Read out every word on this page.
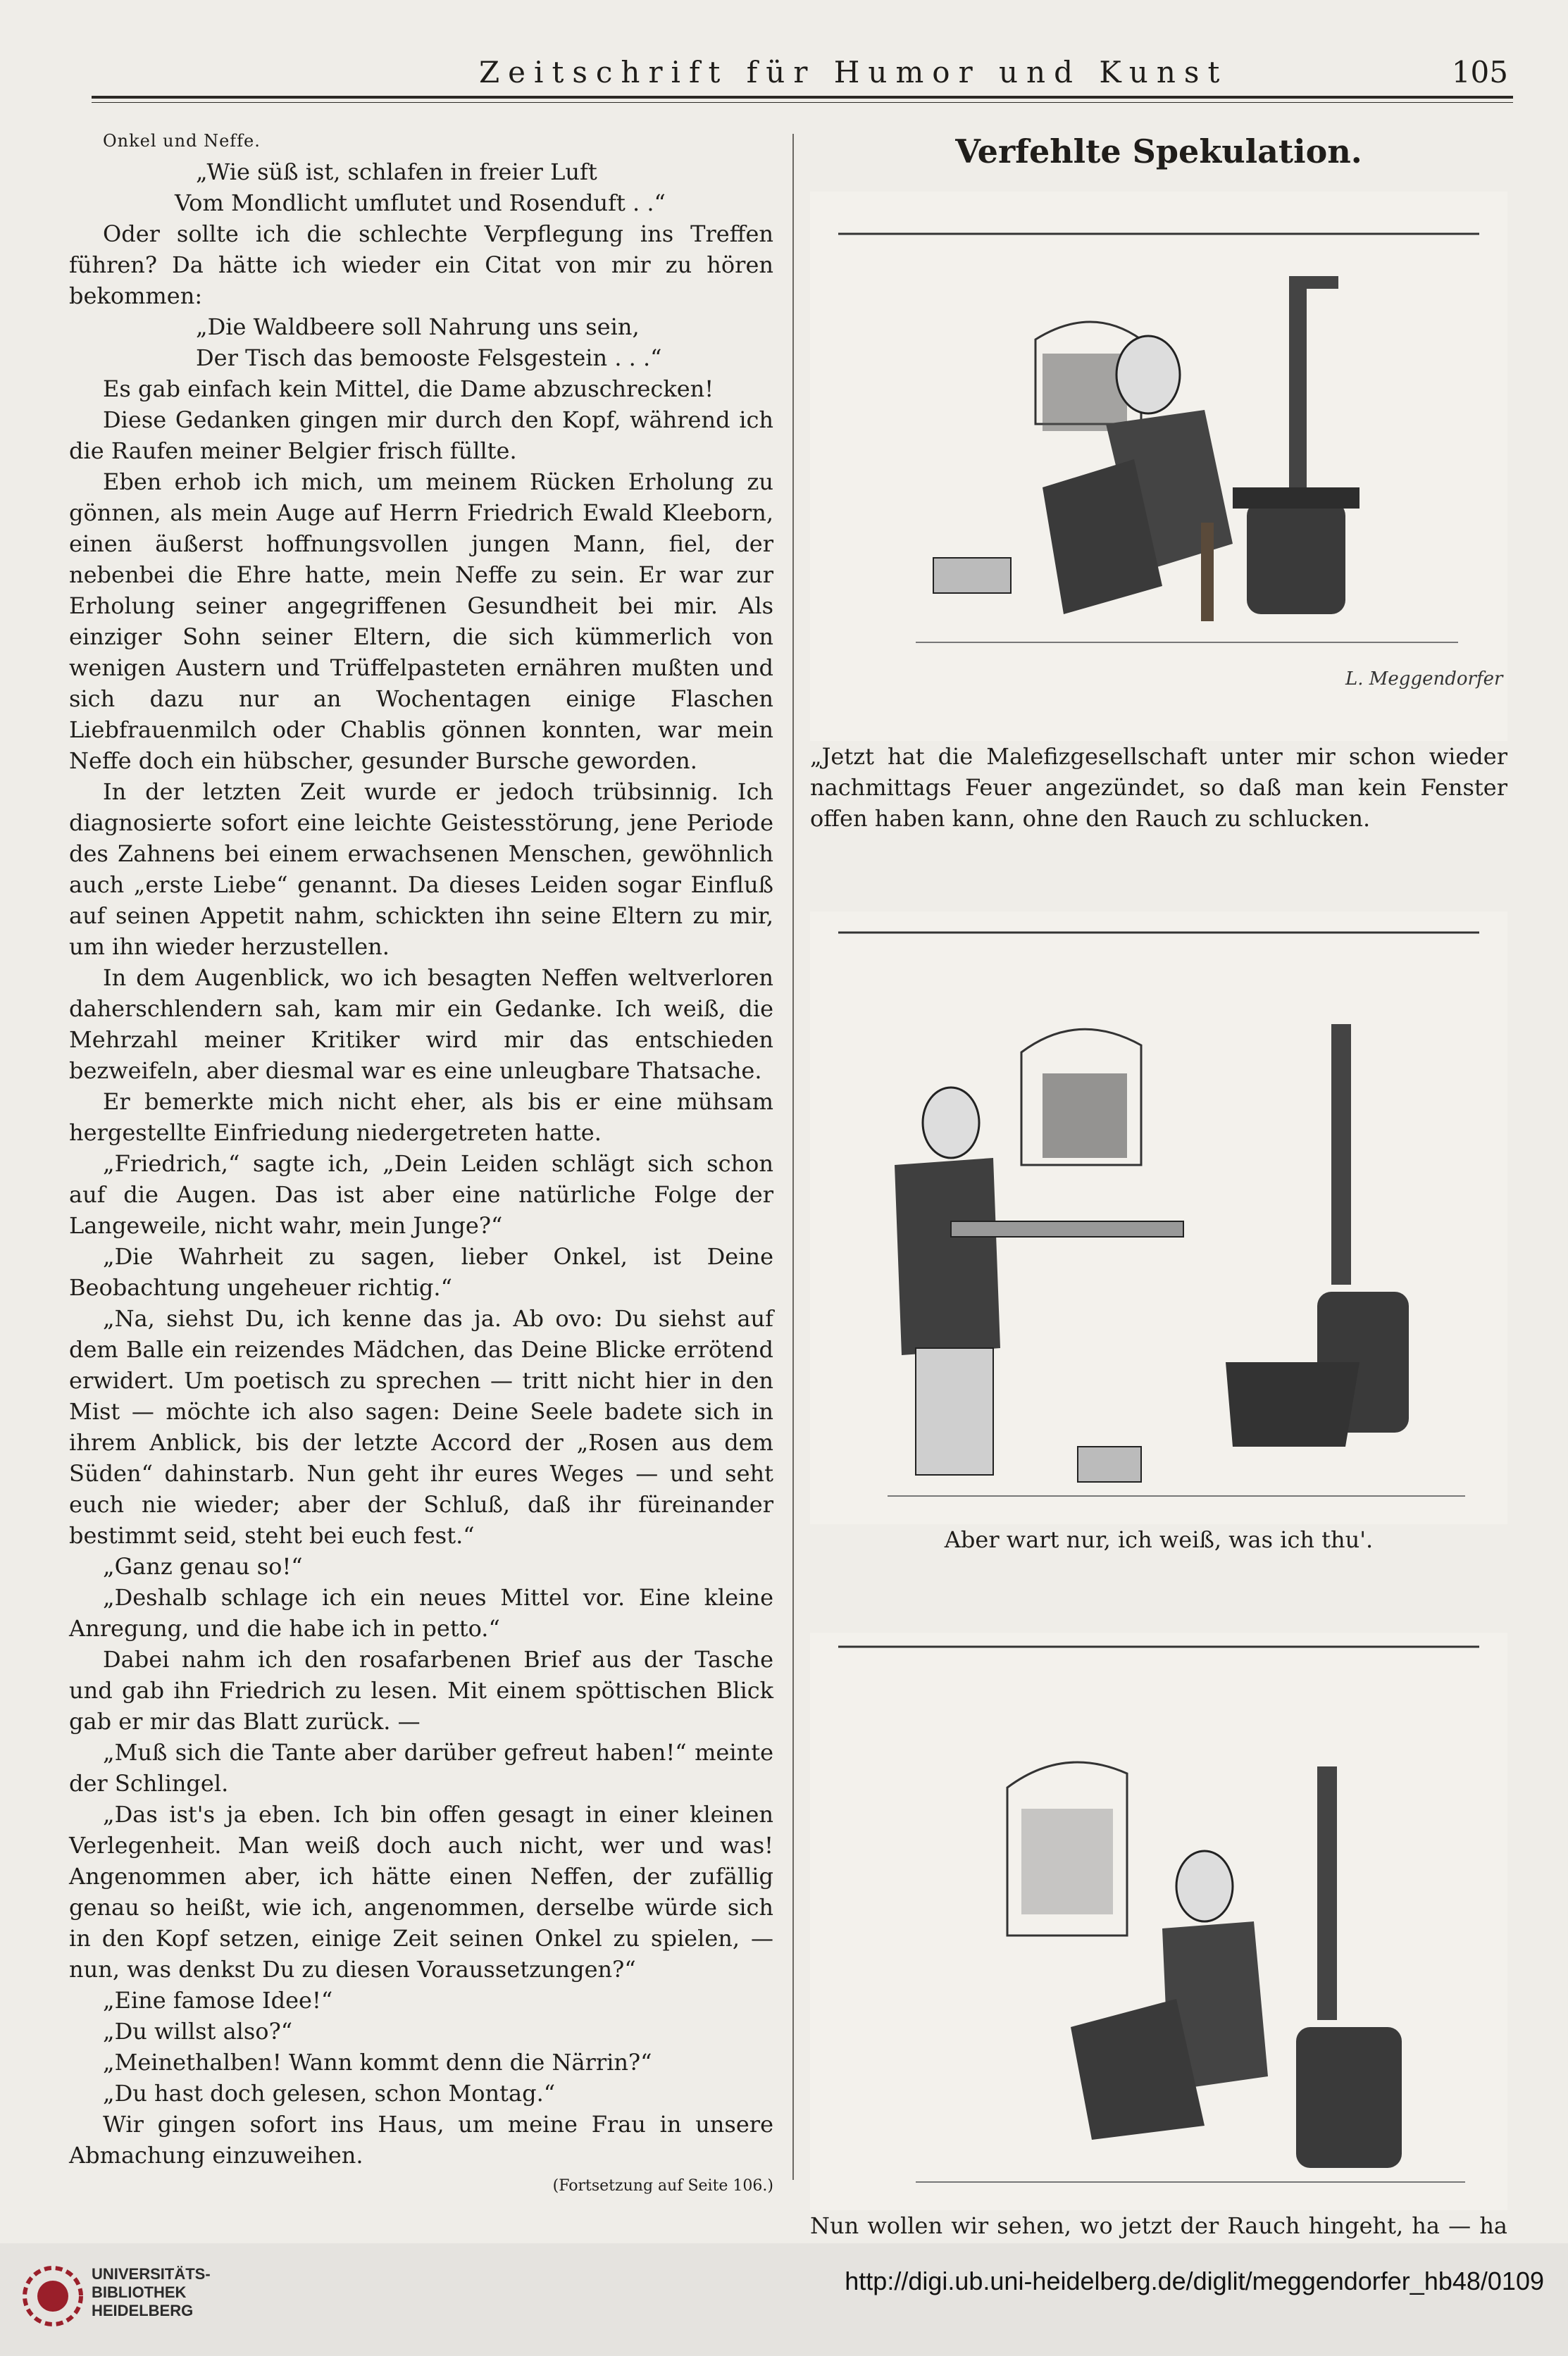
Zeitschrift für Humor und Kunst	105

Onkel und Neffe.

„Wie süß ist, schlafen in freier Luft

Vom Mondlicht umflutet und Rosenduft . .“

Oder sollte ich die schlechte Verpflegung ins Treffen führen? Da hätte ich wieder ein Citat von mir zu hören bekommen:

„Die Waldbeere soll Nahrung uns sein,

Der Tisch das bemooste Felsgestein . . .“

Es gab einfach kein Mittel, die Dame abzuschrecken!

Diese Gedanken gingen mir durch den Kopf, während ich die Raufen meiner Belgier frisch füllte.

Eben erhob ich mich, um meinem Rücken Erholung zu gönnen, als mein Auge auf Herrn Friedrich Ewald Kleeborn, einen äußerst hoffnungsvollen jungen Mann, fiel, der nebenbei die Ehre hatte, mein Neffe zu sein. Er war zur Erholung seiner angegriffenen Gesundheit bei mir. Als einziger Sohn seiner Eltern, die sich kümmerlich von wenigen Austern und Trüffelpasteten ernähren mußten und sich dazu nur an Wochentagen einige Flaschen Liebfrauenmilch oder Chablis gönnen konnten, war mein Neffe doch ein hübscher, gesunder Bursche geworden.

In der letzten Zeit wurde er jedoch trübsinnig. Ich diagnosierte sofort eine leichte Geistesstörung, jene Periode des Zahnens bei einem erwachsenen Menschen, gewöhnlich auch „erste Liebe“ genannt. Da dieses Leiden sogar Einfluß auf seinen Appetit nahm, schickten ihn seine Eltern zu mir, um ihn wieder herzustellen.

In dem Augenblick, wo ich besagten Neffen weltverloren daherschlendern sah, kam mir ein Gedanke. Ich weiß, die Mehrzahl meiner Kritiker wird mir das entschieden bezweifeln, aber diesmal war es eine unleugbare Thatsache.

Er bemerkte mich nicht eher, als bis er eine mühsam hergestellte Einfriedung niedergetreten hatte.

„Friedrich,“ sagte ich, „Dein Leiden schlägt sich schon auf die Augen. Das ist aber eine natürliche Folge der Langeweile, nicht wahr, mein Junge?“

„Die Wahrheit zu sagen, lieber Onkel, ist Deine Beobachtung ungeheuer richtig.“

„Na, siehst Du, ich kenne das ja. Ab ovo: Du siehst auf dem Balle ein reizendes Mädchen, das Deine Blicke errötend erwidert. Um poetisch zu sprechen — tritt nicht hier in den Mist — möchte ich also sagen: Deine Seele badete sich in ihrem Anblick, bis der letzte Accord der „Rosen aus dem Süden“ dahinstarb. Nun geht ihr eures Weges — und seht euch nie wieder; aber der Schluß, daß ihr füreinander bestimmt seid, steht bei euch fest.“

„Ganz genau so!“

„Deshalb schlage ich ein neues Mittel vor. Eine kleine Anregung, und die habe ich in petto.“

Dabei nahm ich den rosafarbenen Brief aus der Tasche und gab ihn Friedrich zu lesen. Mit einem spöttischen Blick gab er mir das Blatt zurück. —

„Muß sich die Tante aber darüber gefreut haben!“ meinte der Schlingel.

„Das ist's ja eben. Ich bin offen gesagt in einer kleinen Verlegenheit. Man weiß doch auch nicht, wer und was! Angenommen aber, ich hätte einen Neffen, der zufällig genau so heißt, wie ich, angenommen, derselbe würde sich in den Kopf setzen, einige Zeit seinen Onkel zu spielen, — nun, was denkst Du zu diesen Voraussetzungen?“

„Eine famose Idee!“

„Du willst also?“

„Meinethalben! Wann kommt denn die Närrin?“

„Du hast doch gelesen, schon Montag.“

Wir gingen sofort ins Haus, um meine Frau in unsere Abmachung einzuweihen.

(Fortsetzung auf Seite 106.)
Verfehlte Spekulation.
L. Meggendorfer
„Jetzt hat die Malefizgesellschaft unter mir schon wieder nachmittags Feuer angezündet, so daß man kein Fenster offen haben kann, ohne den Rauch zu schlucken.
Aber wart nur, ich weiß, was ich thu'.
Nun wollen wir sehen, wo jetzt der Rauch hingeht, ha — ha
UNIVERSITÄTS-
BIBLIOTHEK
HEIDELBERG
http://digi.ub.uni-heidelberg.de/diglit/meggendorfer_hb48/0109
